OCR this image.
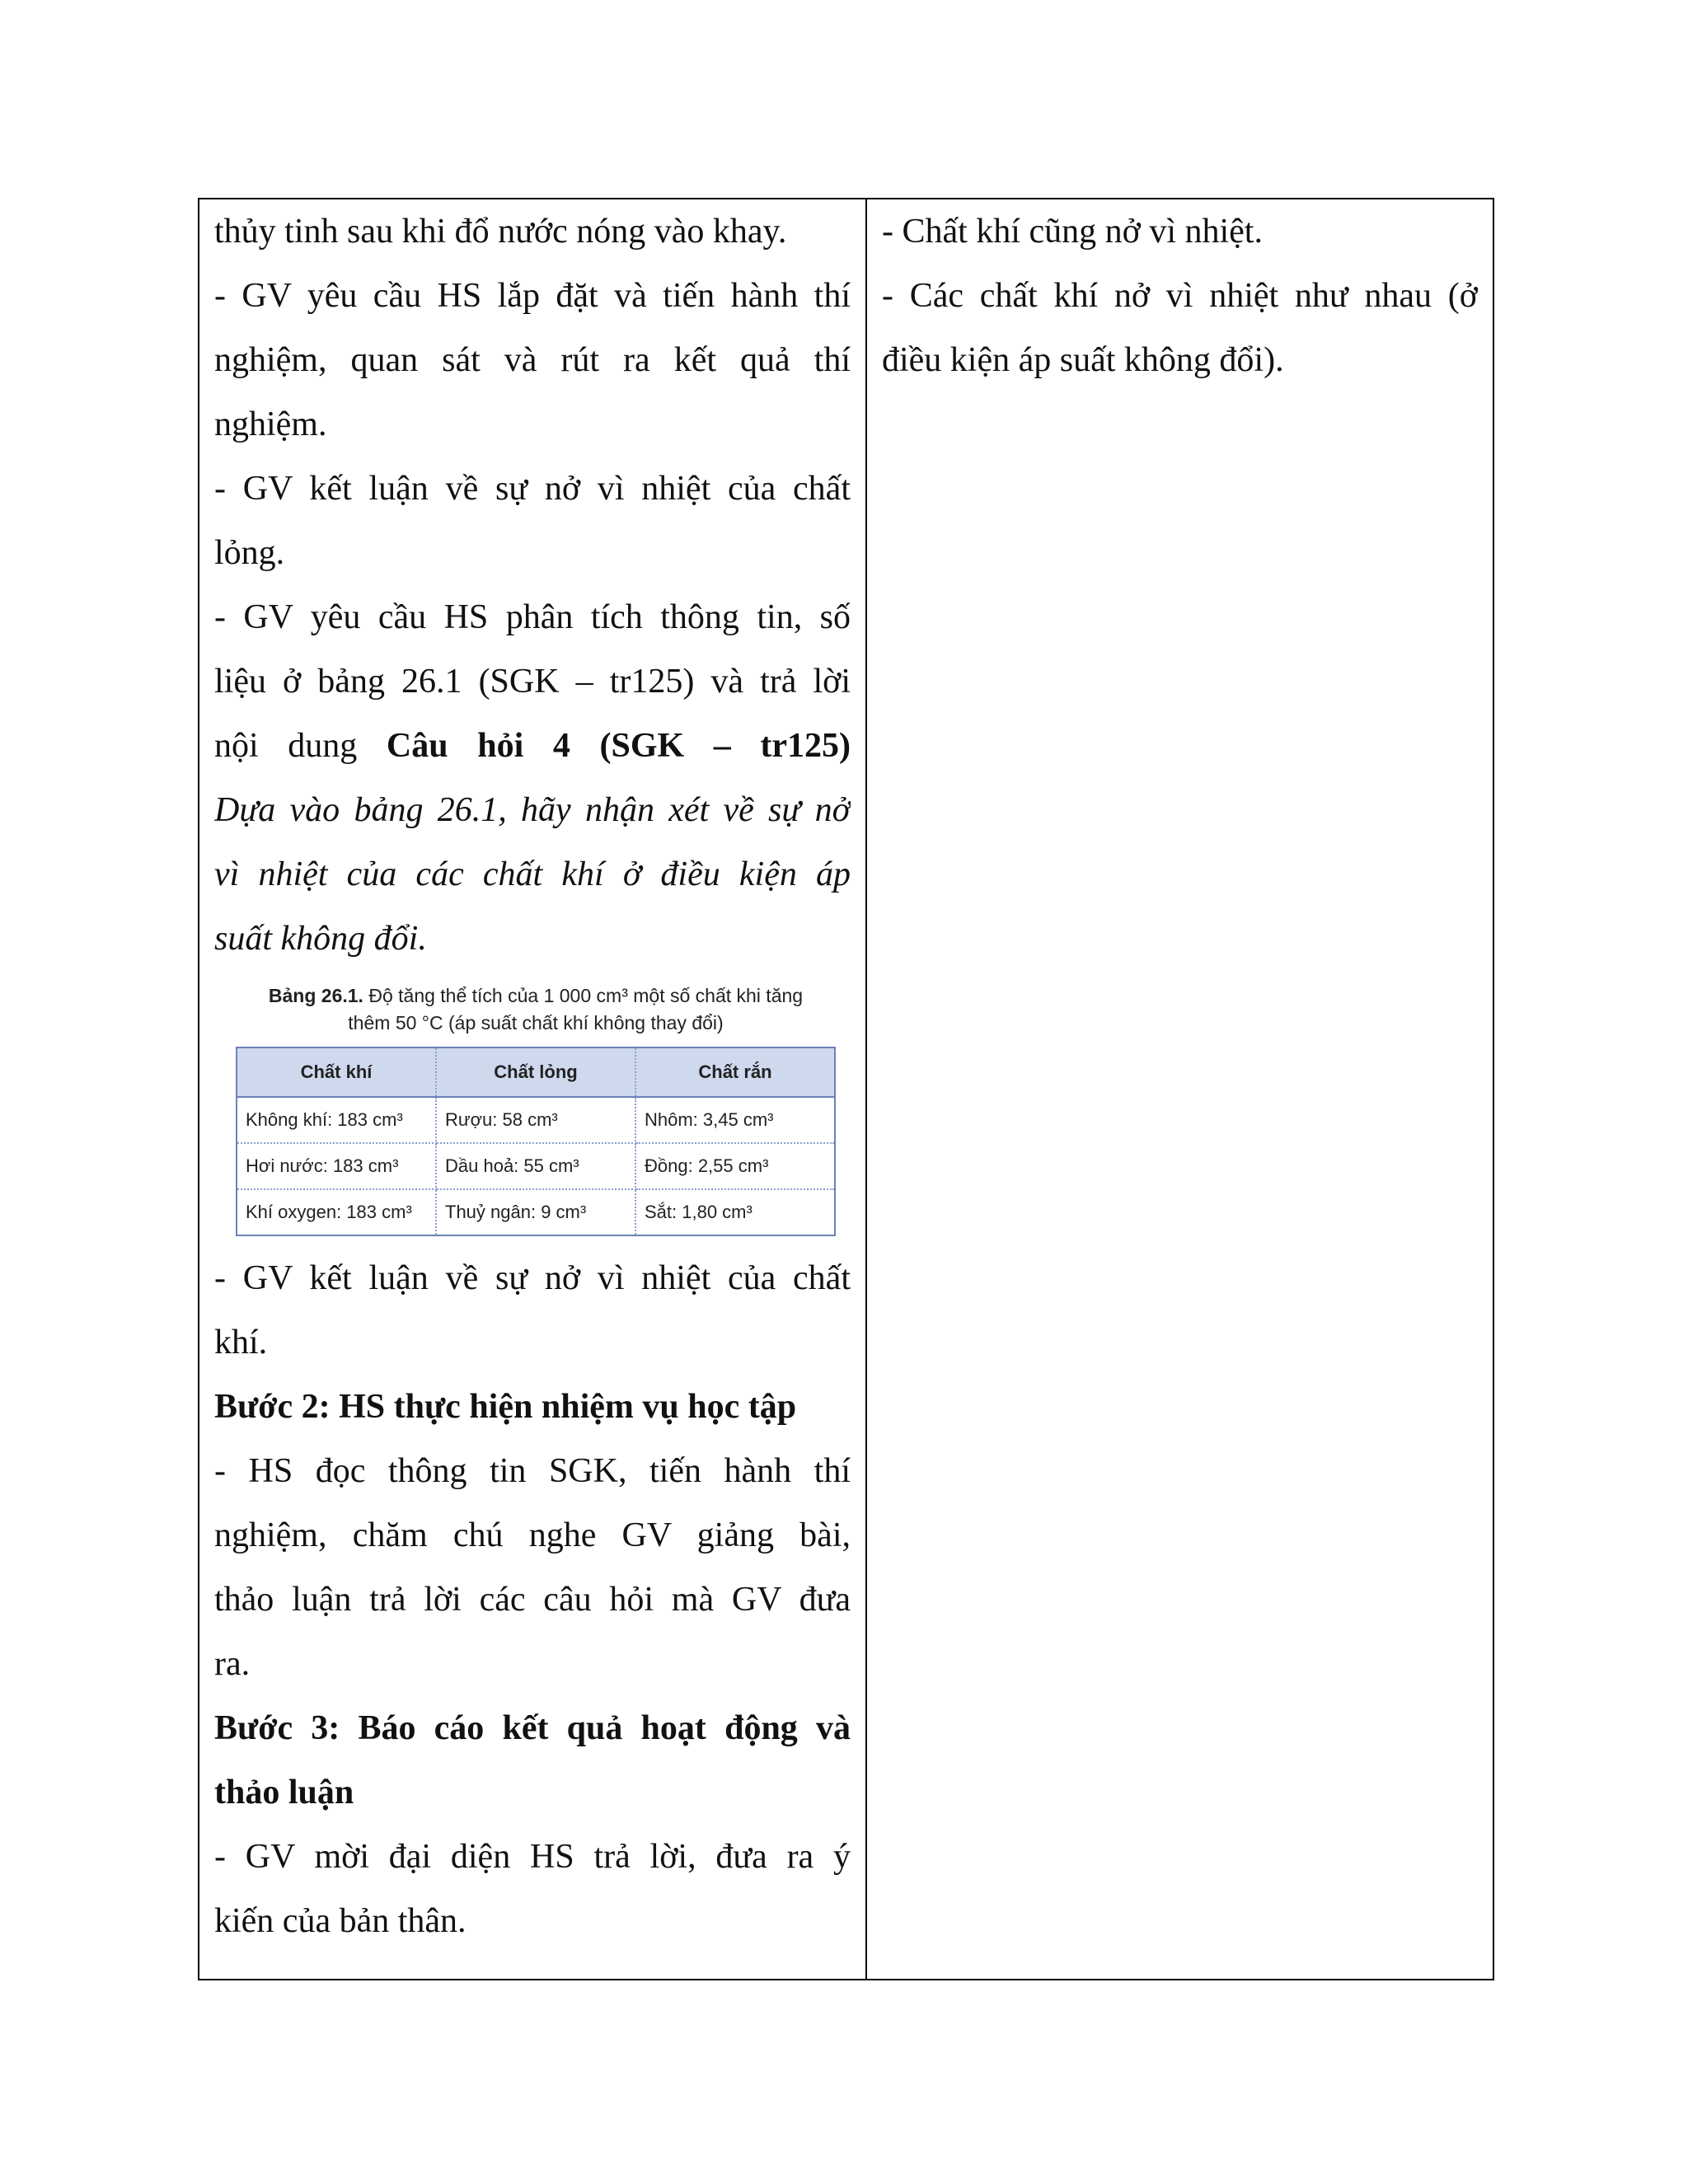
thủy tinh sau khi đổ nước nóng vào khay.
- GV yêu cầu HS lắp đặt và tiến hành thí
nghiệm, quan sát và rút ra kết quả thí
nghiệm.
- GV kết luận về sự nở vì nhiệt của chất
lỏng.
- GV yêu cầu HS phân tích thông tin, số
liệu ở bảng 26.1 (SGK – tr125) và trả lời
nội dung Câu hỏi 4 (SGK – tr125)
Dựa vào bảng 26.1, hãy nhận xét về sự nở
vì nhiệt của các chất khí ở điều kiện áp
suất không đổi.
Bảng 26.1. Độ tăng thể tích của 1 000 cm³ một số chất khi tăng
thêm 50 °C (áp suất chất khí không thay đổi)
Chất khí	Chất lỏng	Chất rắn
Không khí: 183 cm³	Rượu: 58 cm³	Nhôm: 3,45 cm³
Hơi nước: 183 cm³	Dầu hoả: 55 cm³	Đồng: 2,55 cm³
Khí oxygen: 183 cm³	Thuỷ ngân: 9 cm³	Sắt: 1,80 cm³
- GV kết luận về sự nở vì nhiệt của chất
khí.
Bước 2: HS thực hiện nhiệm vụ học tập
- HS đọc thông tin SGK, tiến hành thí
nghiệm, chăm chú nghe GV giảng bài,
thảo luận trả lời các câu hỏi mà GV đưa
ra.
Bước 3: Báo cáo kết quả hoạt động và
thảo luận
- GV mời đại diện HS trả lời, đưa ra ý
kiến của bản thân.
- Chất khí cũng nở vì nhiệt.
- Các chất khí nở vì nhiệt như nhau (ở
điều kiện áp suất không đổi).
